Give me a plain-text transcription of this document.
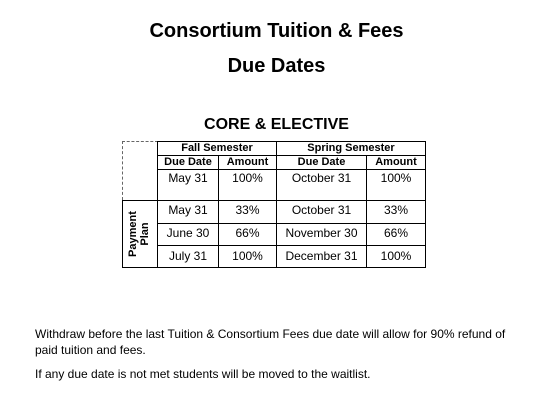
Consortium Tuition & Fees
Due Dates
CORE & ELECTIVE
Fall Semester	Spring Semester
Due Date	Amount	Due Date	Amount
May 31	100%	October 31	100%
Payment Plan
May 31	33%	October 31	33%
June 30	66%	November 30	66%
July 31	100%	December 31	100%
Withdraw before the last Tuition & Consortium Fees due date will allow for 90% refund of paid tuition and fees.
If any due date is not met students will be moved to the waitlist.
